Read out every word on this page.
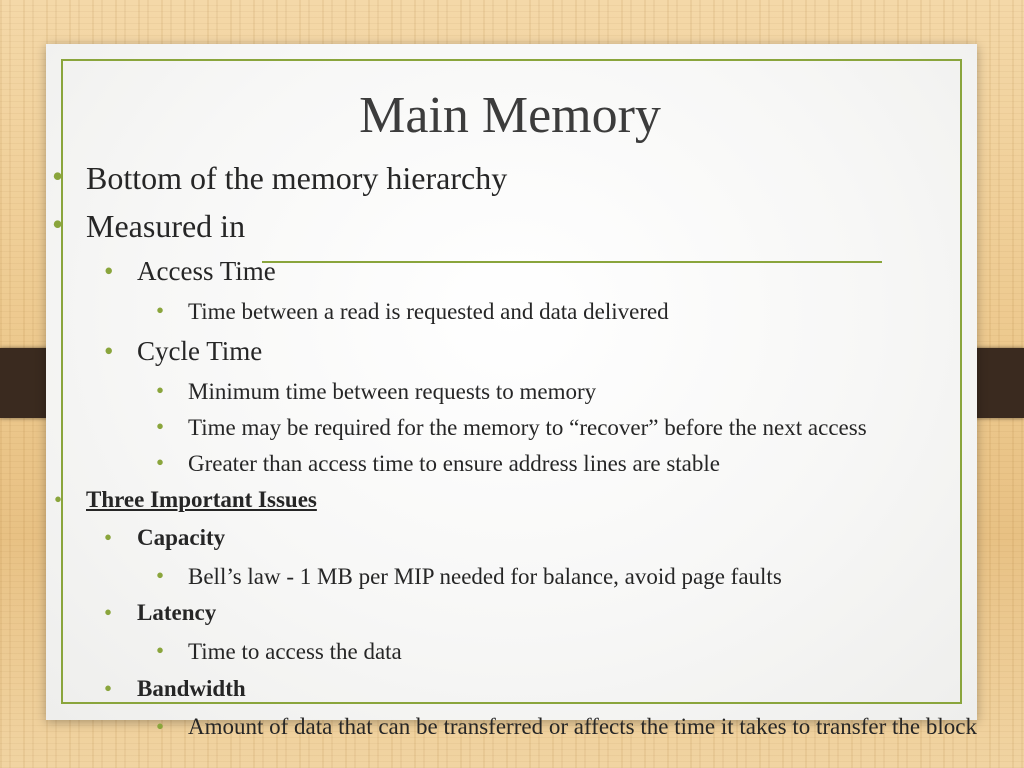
Main Memory
• Bottom of the memory hierarchy
• Measured in
• Access Time
• Time between a read is requested and data delivered
• Cycle Time
• Minimum time between requests to memory
• Time may be required for the memory to “recover” before the next access
• Greater than access time to ensure address lines are stable
• Three Important Issues
• Capacity
• Bell’s law - 1 MB per MIP needed for balance, avoid page faults
• Latency
• Time to access the data
• Bandwidth
• Amount of data that can be transferred or affects the time it takes to transfer the block
